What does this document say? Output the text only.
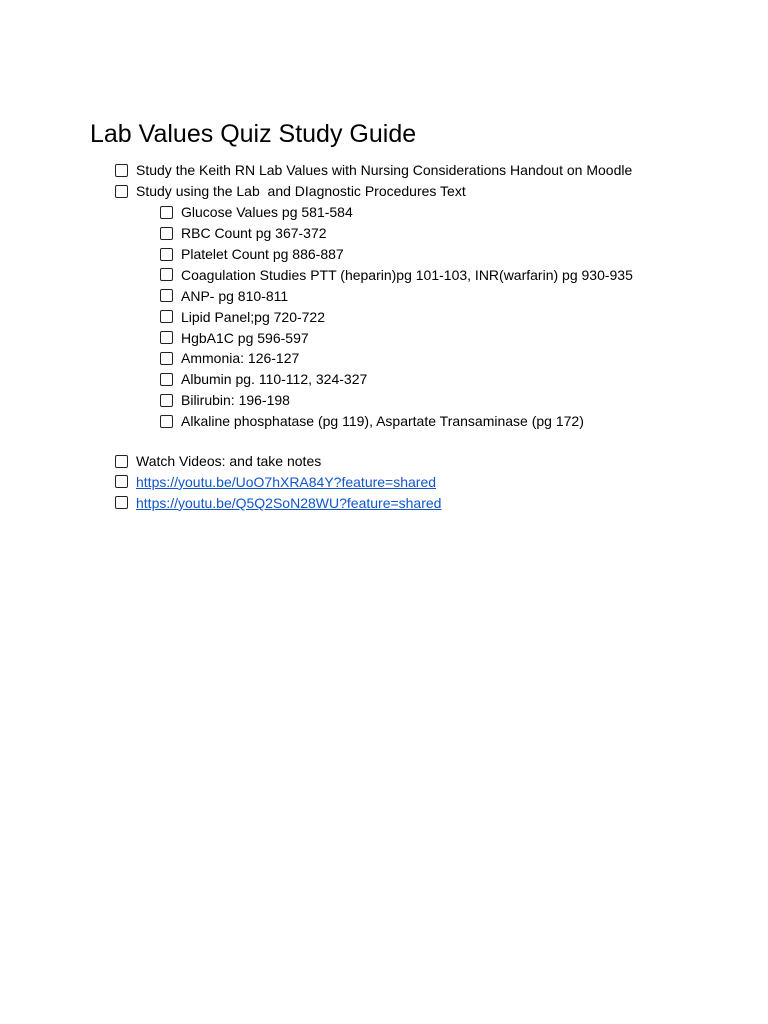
Lab Values Quiz Study Guide
Study the Keith RN Lab Values with Nursing Considerations Handout on Moodle
Study using the Lab  and DIagnostic Procedures Text
Glucose Values pg 581-584
RBC Count pg 367-372
Platelet Count pg 886-887
Coagulation Studies PTT (heparin)pg 101-103, INR(warfarin) pg 930-935
ANP- pg 810-811
Lipid Panel;pg 720-722
HgbA1C pg 596-597
Ammonia: 126-127
Albumin pg. 110-112, 324-327
Bilirubin: 196-198
Alkaline phosphatase (pg 119), Aspartate Transaminase (pg 172)
Watch Videos: and take notes
https://youtu.be/UoO7hXRA84Y?feature=shared
https://youtu.be/Q5Q2SoN28WU?feature=shared
